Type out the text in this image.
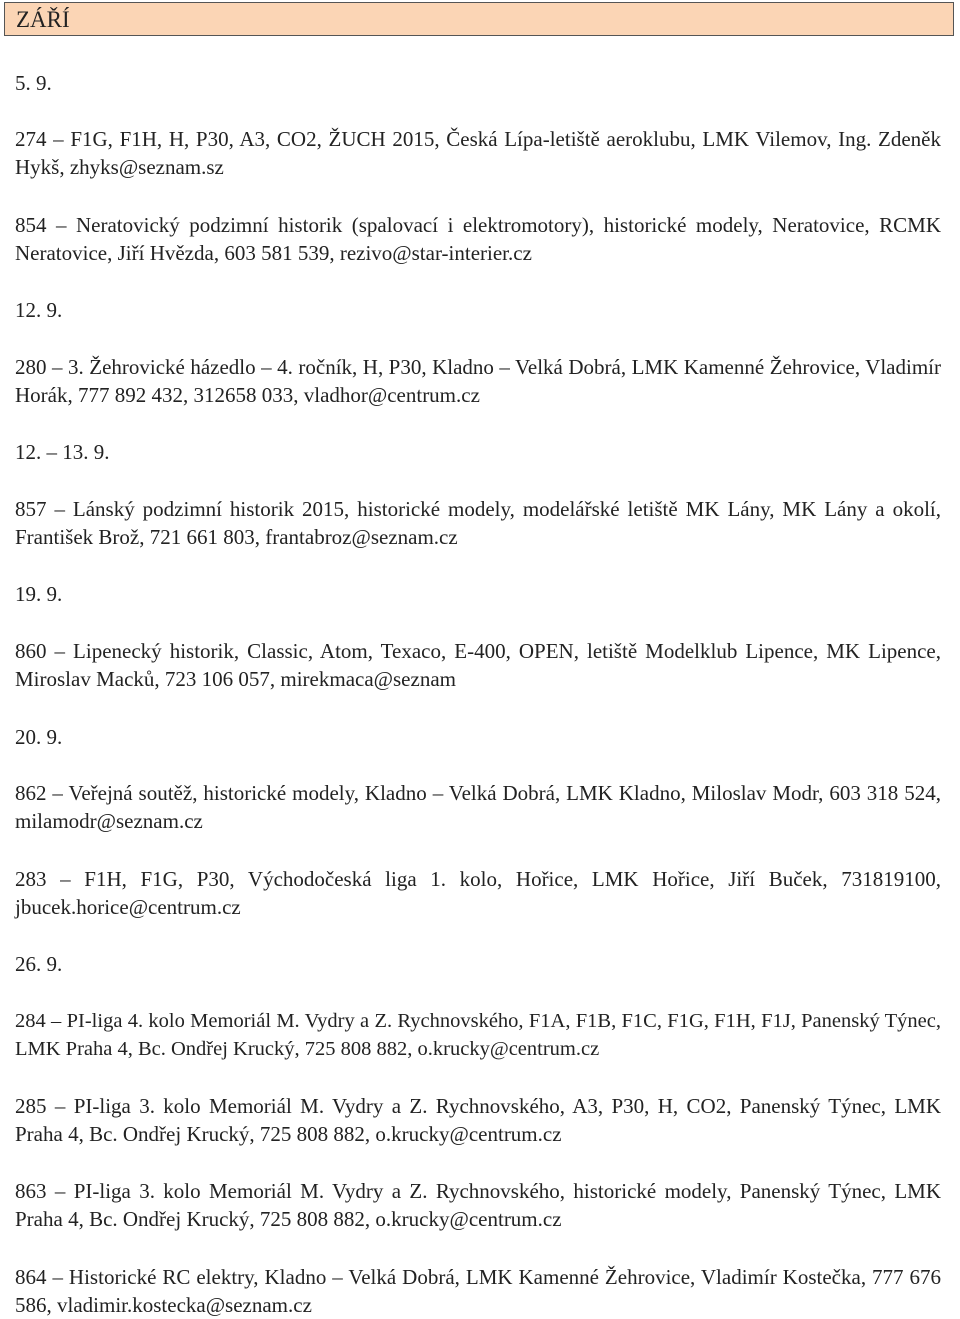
ZÁŘÍ
5. 9.
274 – F1G, F1H, H, P30, A3, CO2, ŽUCH 2015, Česká Lípa-letiště aeroklubu, LMK Vilemov, Ing. Zdeněk Hykš, zhyks@seznam.sz
854 – Neratovický podzimní historik (spalovací i elektromotory), historické modely, Neratovice, RCMK Neratovice, Jiří Hvězda, 603 581 539, rezivo@star-interier.cz
12. 9.
280 – 3. Žehrovické házedlo – 4. ročník, H, P30, Kladno – Velká Dobrá, LMK Kamenné Žehrovice, Vladimír Horák, 777 892 432, 312658 033, vladhor@centrum.cz
12. – 13. 9.
857 – Lánský podzimní historik 2015, historické modely, modelářské letiště MK Lány, MK Lány a okolí, František Brož, 721 661 803, frantabroz@seznam.cz
19. 9.
860 – Lipenecký historik, Classic, Atom, Texaco, E-400, OPEN, letiště Modelklub Lipence, MK Lipence, Miroslav Macků, 723 106 057, mirekmaca@seznam
20. 9.
862 – Veřejná soutěž, historické modely, Kladno – Velká Dobrá, LMK Kladno, Miloslav Modr, 603 318 524, milamodr@seznam.cz
283 – F1H, F1G, P30, Východočeská liga 1. kolo, Hořice, LMK Hořice, Jiří Buček, 731819100, jbucek.horice@centrum.cz
26. 9.
284 – PI-liga 4. kolo Memoriál M. Vydry a Z. Rychnovského, F1A, F1B, F1C, F1G, F1H, F1J, Panenský Týnec, LMK Praha 4, Bc. Ondřej Krucký, 725 808 882, o.krucky@centrum.cz
285 – PI-liga 3. kolo Memoriál M. Vydry a Z. Rychnovského, A3, P30, H, CO2, Panenský Týnec, LMK Praha 4, Bc. Ondřej Krucký, 725 808 882, o.krucky@centrum.cz
863 – PI-liga 3. kolo Memoriál M. Vydry a Z. Rychnovského, historické modely, Panenský Týnec, LMK Praha 4, Bc. Ondřej Krucký, 725 808 882, o.krucky@centrum.cz
864 – Historické RC elektry, Kladno – Velká Dobrá, LMK Kamenné Žehrovice, Vladimír Kostečka, 777 676 586, vladimir.kostecka@seznam.cz
